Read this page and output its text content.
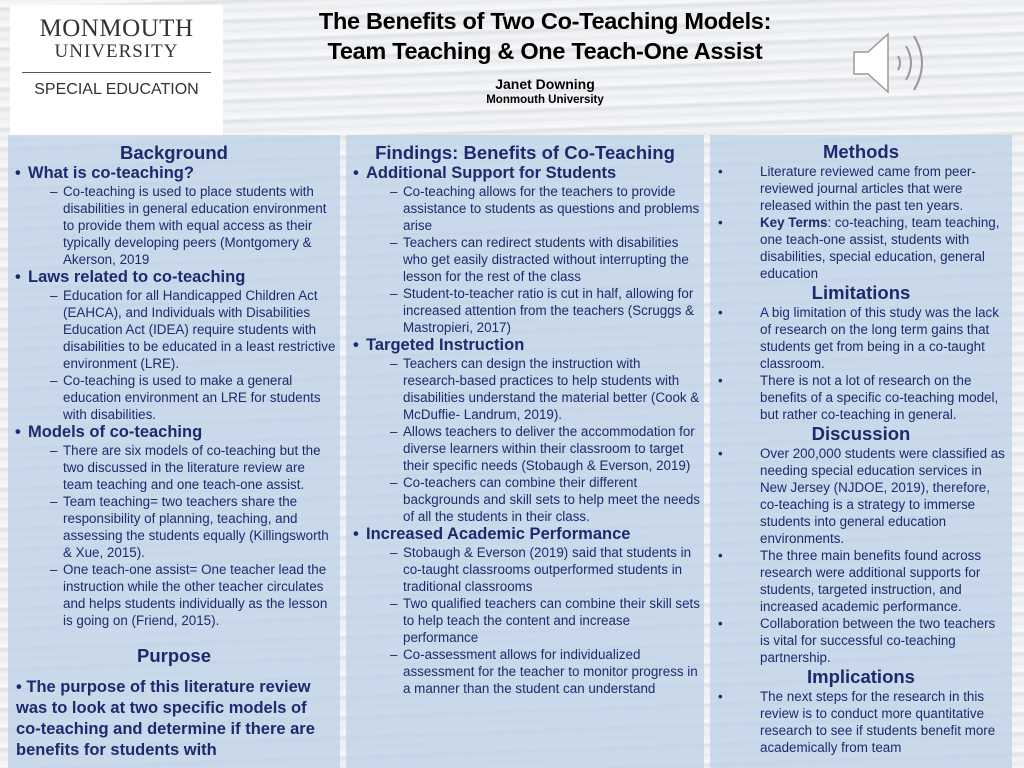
MONMOUTH
UNIVERSITY
SPECIAL EDUCATION
The Benefits of Two Co-Teaching Models:
Team Teaching & One Teach-One Assist
Janet Downing
Monmouth University
Background
• What is co-teaching?
– Co-teaching is used to place students with disabilities in general education environment to provide them with equal access as their typically developing peers (Montgomery & Akerson, 2019
• Laws related to co-teaching
– Education for all Handicapped Children Act (EAHCA), and Individuals with Disabilities Education Act (IDEA) require students with disabilities to be educated in a least restrictive environment (LRE).
– Co-teaching is used to make a general education environment an LRE for students with disabilities.
• Models of co-teaching
– There are six models of co-teaching but the two discussed in the literature review are team teaching and one teach-one assist.
– Team teaching= two teachers share the responsibility of planning, teaching, and assessing the students equally (Killingsworth & Xue, 2015).
– One teach-one assist= One teacher lead the instruction while the other teacher circulates and helps students individually as the lesson is going on (Friend, 2015).
Purpose
• The purpose of this literature review was to look at two specific models of co-teaching and determine if there are benefits for students with
Findings: Benefits of Co-Teaching
• Additional Support for Students
– Co-teaching allows for the teachers to provide assistance to students as questions and problems arise
– Teachers can redirect students with disabilities who get easily distracted without interrupting the lesson for the rest of the class
– Student-to-teacher ratio is cut in half, allowing for increased attention from the teachers (Scruggs & Mastropieri, 2017)
• Targeted Instruction
– Teachers can design the instruction with research-based practices to help students with disabilities understand the material better (Cook & McDuffie- Landrum, 2019).
– Allows teachers to deliver the accommodation for diverse learners within their classroom to target their specific needs (Stobaugh & Everson, 2019)
– Co-teachers can combine their different backgrounds and skill sets to help meet the needs of all the students in their class.
• Increased Academic Performance
– Stobaugh & Everson (2019) said that students in co-taught classrooms outperformed students in traditional classrooms
– Two qualified teachers can combine their skill sets to help teach the content and increase performance
– Co-assessment allows for individualized assessment for the teacher to monitor progress in a manner than the student can understand
Methods
• Literature reviewed came from peer-reviewed journal articles that were released within the past ten years.
• Key Terms: co-teaching, team teaching, one teach-one assist, students with disabilities, special education, general education
Limitations
• A big limitation of this study was the lack of research on the long term gains that students get from being in a co-taught classroom.
• There is not a lot of research on the benefits of a specific co-teaching model, but rather co-teaching in general.
Discussion
• Over 200,000 students were classified as needing special education services in New Jersey (NJDOE, 2019), therefore, co-teaching is a strategy to immerse students into general education environments.
• The three main benefits found across research were additional supports for students, targeted instruction, and increased academic performance.
• Collaboration between the two teachers is vital for successful co-teaching partnership.
Implications
• The next steps for the research in this review is to conduct more quantitative research to see if students benefit more academically from team
